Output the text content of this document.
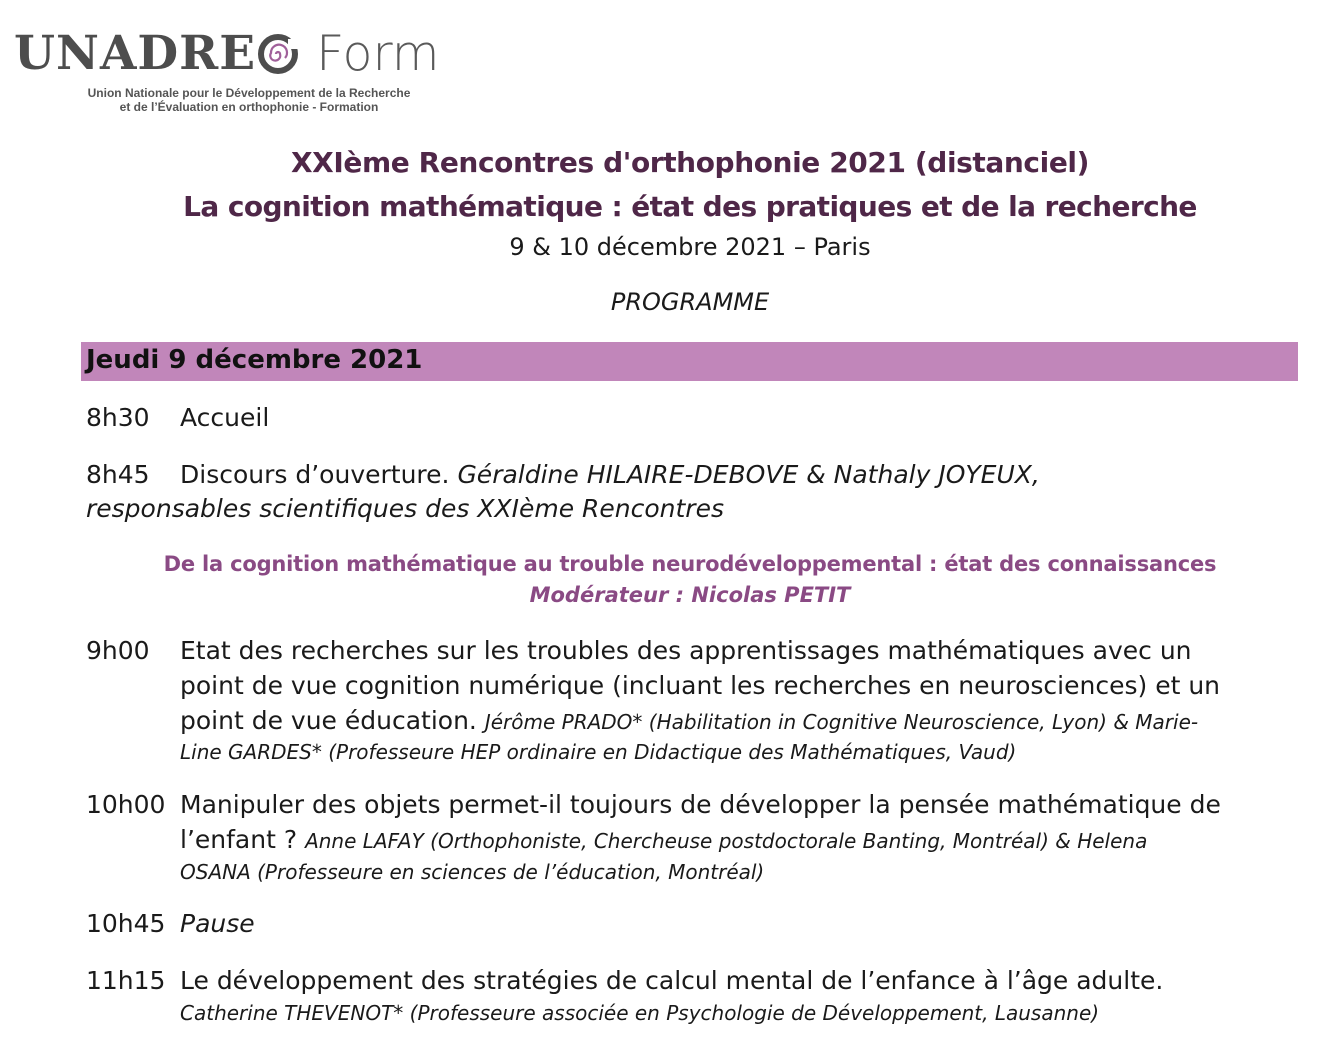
UNADRE Form
Union Nationale pour le Développement de la Recherche
et de l’Évaluation en orthophonie - Formation
XXIème Rencontres d'orthophonie 2021 (distanciel)
La cognition mathématique : état des pratiques et de la recherche
9 & 10 décembre 2021 – Paris
PROGRAMME
Jeudi 9 décembre 2021
8h30 Accueil
8h45 Discours d’ouverture. Géraldine HILAIRE-DEBOVE & Nathaly JOYEUX,
responsables scientifiques des XXIème Rencontres
De la cognition mathématique au trouble neurodéveloppemental : état des connaissances
Modérateur : Nicolas PETIT
9h00 Etat des recherches sur les troubles des apprentissages mathématiques avec un
point de vue cognition numérique (incluant les recherches en neurosciences) et un
point de vue éducation. Jérôme PRADO* (Habilitation in Cognitive Neuroscience, Lyon) & Marie-
Line GARDES* (Professeure HEP ordinaire en Didactique des Mathématiques, Vaud)
10h00 Manipuler des objets permet-il toujours de développer la pensée mathématique de
l’enfant ? Anne LAFAY (Orthophoniste, Chercheuse postdoctorale Banting, Montréal) & Helena
OSANA (Professeure en sciences de l’éducation, Montréal)
10h45 Pause
11h15 Le développement des stratégies de calcul mental de l’enfance à l’âge adulte.
Catherine THEVENOT* (Professeure associée en Psychologie de Développement, Lausanne)
